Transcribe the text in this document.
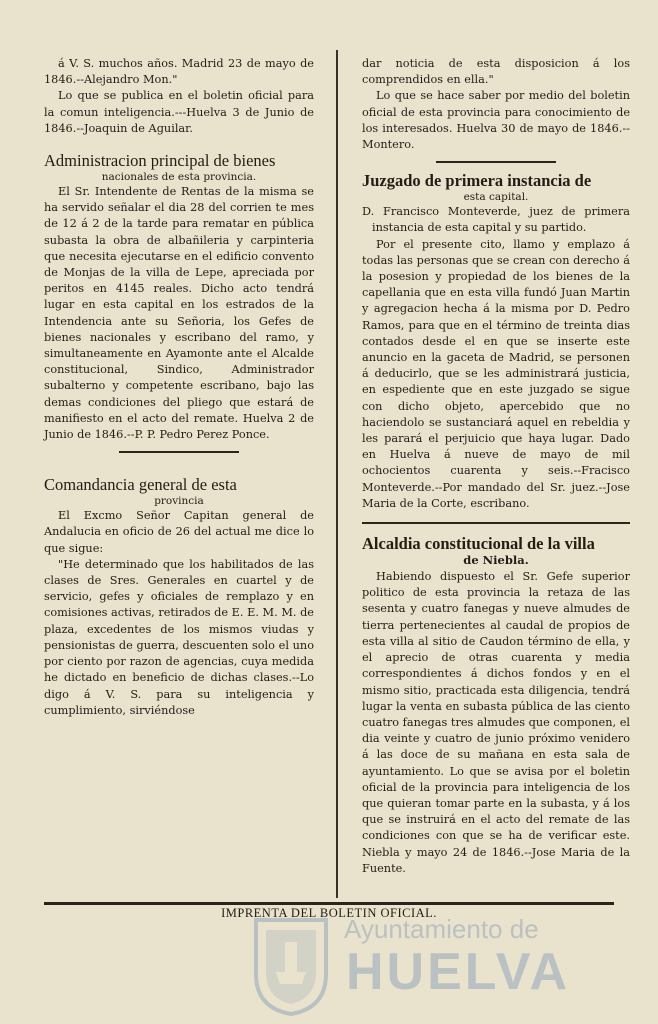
á V. S. muchos años. Madrid 23 de mayo de 1846.--Alejandro Mon."

Lo que se publica en el boletin oficial para la comun inteligencia.---Huelva 3 de Junio de 1846.--Joaquin de Aguilar.

Administracion principal de bienes

nacionales de esta provincia.

El Sr. Intendente de Rentas de la misma se ha servido señalar el dia 28 del corrien te mes de 12 á 2 de la tarde para rematar en pública subasta la obra de albañileria y carpinteria que necesita ejecutarse en el edificio convento de Monjas de la villa de Lepe, apreciada por peritos en 4145 reales. Dicho acto tendrá lugar en esta capital en los estrados de la Intendencia ante su Señoria, los Gefes de bienes nacionales y escribano del ramo, y simultaneamente en Ayamonte ante el Alcalde constitucional, Sindico, Administrador subalterno y competente escribano, bajo las demas condiciones del pliego que estará de manifiesto en el acto del remate. Huelva 2 de Junio de 1846.--P. P. Pedro Perez Ponce.

Comandancia general de esta

provincia

El Excmo Señor Capitan general de Andalucia en oficio de 26 del actual me dice lo que sigue:

"He determinado que los habilitados de las clases de Sres. Generales en cuartel y de servicio, gefes y oficiales de remplazo y en comisiones activas, retirados de E. E. M. M. de plaza, excedentes de los mismos viudas y pensionistas de guerra, descuenten solo el uno por ciento por razon de agencias, cuya medida he dictado en beneficio de dichas clases.--Lo digo á V. S. para su inteligencia y cumplimiento, sirviéndose

dar noticia de esta disposicion á los comprendidos en ella."

Lo que se hace saber por medio del boletin oficial de esta provincia para conocimiento de los interesados. Huelva 30 de mayo de 1846.--Montero.

Juzgado de primera instancia de

esta capital.

D. Francisco Monteverde, juez de primera instancia de esta capital y su partido.

Por el presente cito, llamo y emplazo á todas las personas que se crean con derecho á la posesion y propiedad de los bienes de la capellania que en esta villa fundó Juan Martin y agregacion hecha á la misma por D. Pedro Ramos, para que en el término de treinta dias contados desde el en que se inserte este anuncio en la gaceta de Madrid, se personen á deducirlo, que se les administrará justicia, en espediente que en este juzgado se sigue con dicho objeto, apercebido que no haciendolo se sustanciará aquel en rebeldia y les parará el perjuicio que haya lugar. Dado en Huelva á nueve de mayo de mil ochocientos cuarenta y seis.--Fracisco Monteverde.--Por mandado del Sr. juez.--Jose Maria de la Corte, escribano.

Alcaldia constitucional de la villa

de Niebla.

Habiendo dispuesto el Sr. Gefe superior politico de esta provincia la retaza de las sesenta y cuatro fanegas y nueve almudes de tierra pertenecientes al caudal de propios de esta villa al sitio de Caudon término de ella, y el aprecio de otras cuarenta y media correspondientes á dichos fondos y en el mismo sitio, practicada esta diligencia, tendrá lugar la venta en subasta pública de las ciento cuatro fanegas tres almudes que componen, el dia veinte y cuatro de junio próximo venidero á las doce de su mañana en esta sala de ayuntamiento. Lo que se avisa por el boletin oficial de la provincia para inteligencia de los que quieran tomar parte en la subasta, y á los que se instruirá en el acto del remate de las condiciones con que se ha de verificar este. Niebla y mayo 24 de 1846.--Jose Maria de la Fuente.

IMPRENTA DEL BOLETIN OFICIAL.
Ayuntamiento de
HUELVA
